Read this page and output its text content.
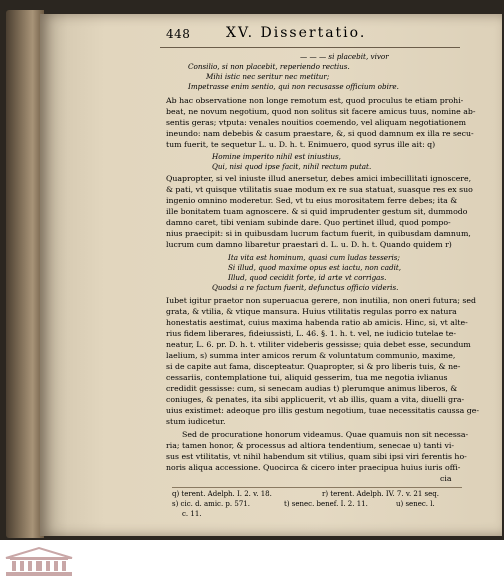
448	XV. Dissertatio.
— — — si placebit, vivor
Consilio, si non placebit, reperiendo rectius.
Mihi istic nec seritur nec metitur;
Impetrasse enim sentio, qui non recusasse officium obire.
Ab hac observatione non longe remotum est, quod proculus te etiam prohi-
beat, ne novum negotium, quod non solitus sit facere amicus tuus, nomine ab-
sentis geras; vtputa: venales nouitios coemendo, vel aliquam negotiationem
ineundo: nam debebis & casum praestare, &, si quod damnum ex illa re secu-
tum fuerit, te sequetur L. u. D. h. t. Enimuero, quod syrus ille ait: q)
Homine imperito nihil est iniustius,
Qui, nisi quod ipse facit, nihil rectum putat.
Quapropter, si vel iniuste illud anersetur, debes amici imbecillitati ignoscere,
& pati, vt quisque vtilitatis suae modum ex re sua statuat, suasque res ex suo
ingenio omnino moderetur. Sed, vt tu eius morositatem ferre debes; ita &
ille bonitatem tuam agnoscere. & si quid imprudenter gestum sit, dummodo
damno caret, tibi veniam subinde dare. Quo pertinet illud, quod pompo-
nius praecipit: si in quibusdam lucrum factum fuerit, in quibusdam damnum,
lucrum cum damno libaretur praestari d. L. u. D. h. t. Quando quidem r)
Ita vita est hominum, quasi cum ludas tesseris;
Si illud, quod maxime opus est iactu, non cadit,
Illud, quod cecidit forte, id arte vt corrigas.
Quodsi a re factum fuerit, defunctus officio videris.
Iubet igitur praetor non superuacua gerere, non inutilia, non oneri futura; sed
grata, & vtilia, & vtique mansura. Huius vtilitatis regulas porro ex natura
honestatis aestimat, cuius maxima habenda ratio ab amicis. Hinc, si, vt alte-
rius fidem liberares, fideiussisti, L. 46. §. 1. h. t. vel, ne iudicio tutelae te-
neatur, L. 6. pr. D. h. t. vtiliter videberis gessisse; quia debet esse, secundum
laelium, s) summa inter amicos rerum & voluntatum communio, maxime,
si de capite aut fama, discepteatur. Quapropter, si & pro liberis tuis, & ne-
cessariis, contemplatione tui, aliquid gesserim, tua me negotia ivlianus
credidit gessisse: cum, si senecam audias t) plerumque animus liberos, &
coniuges, & penates, ita sibi applicuerit, vt ab illis, quam a vita, diuelli gra-
uius existimet: adeoque pro illis gestum negotium, tuae necessitatis caussa ge-
stum iudicetur.
Sed de procuratione honorum videamus. Quae quamuis non sit necessa-
ria; tamen honor, & processus ad altiora tendentium, senecae u) tanti vi-
sus est vtilitatis, vt nihil habendum sit vtilius, quam sibi ipsi viri ferentis ho-
noris aliqua accessione. Quocirca & cicero inter praecipua huius iuris offi-
cia
q) terent. Adelph. I. 2. v. 18.	r) terent. Adelph. IV. 7. v. 21 seq.
s) cic. d. amic. p. 571.	t) senec. benef. I. 2. 11.	u) senec. l.
c. 11.
